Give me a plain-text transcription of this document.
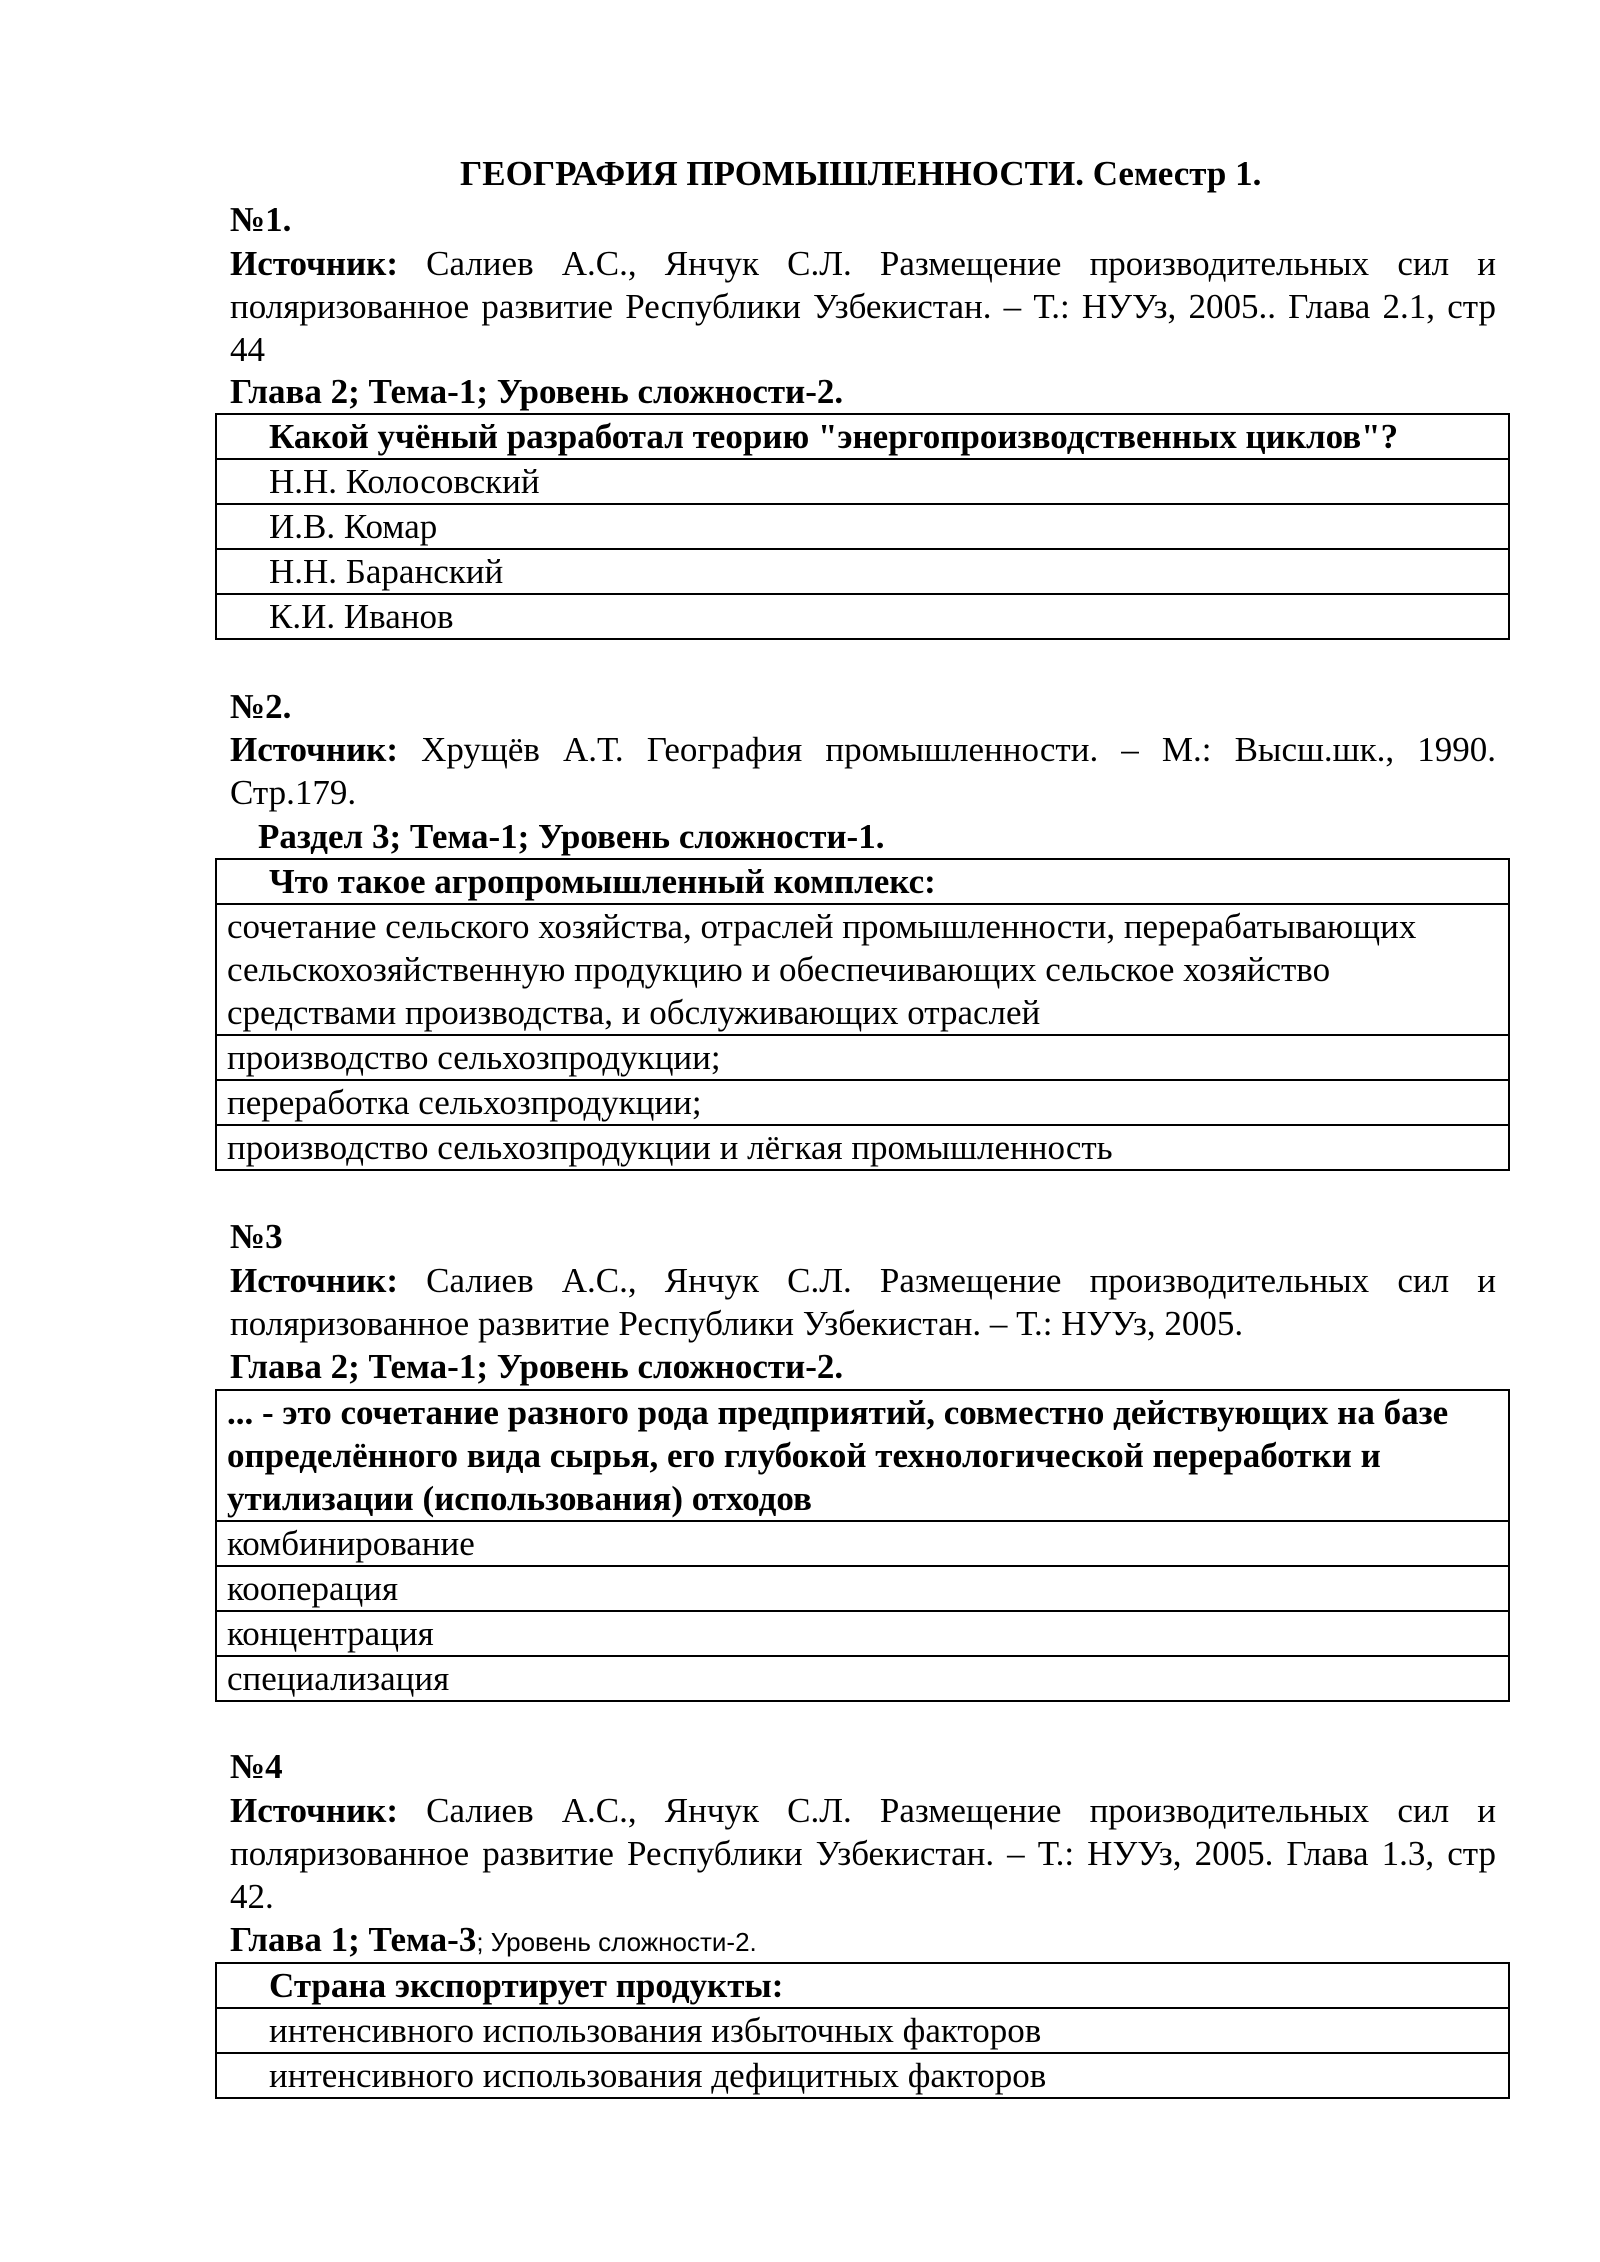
ГЕОГРАФИЯ ПРОМЫШЛЕННОСТИ. Семестр 1.
№1.
Источник: Салиев А.С., Янчук С.Л. Размещение производительных сил и поляризованное развитие Республики Узбекистан. – Т.: НУУз, 2005.. Глава 2.1, стр 44
Глава 2; Тема-1; Уровень сложности-2.
Какой учёный разработал теорию "энергопроизводственных циклов"?
Н.Н. Колосовский
И.В. Комар
Н.Н. Баранский
К.И. Иванов
№2.
Источник: Хрущёв А.Т. География промышленности. – М.: Высш.шк., 1990. Стр.179.
Раздел 3; Тема-1; Уровень сложности-1.
Что такое агропромышленный комплекс:
сочетание сельского хозяйства, отраслей промышленности, перерабатывающих сельскохозяйственную продукцию и обеспечивающих сельское хозяйство средствами производства, и обслуживающих отраслей
производство сельхозпродукции;
переработка сельхозпродукции;
производство сельхозпродукции и лёгкая промышленность
№3
Источник: Салиев А.С., Янчук С.Л. Размещение производительных сил и поляризованное развитие Республики Узбекистан. – Т.: НУУз, 2005.
Глава 2; Тема-1; Уровень сложности-2.
... - это сочетание разного рода предприятий, совместно действующих на базе определённого вида сырья, его глубокой технологической переработки и утилизации (использования) отходов
комбинирование
кооперация
концентрация
специализация
№4
Источник: Салиев А.С., Янчук С.Л. Размещение производительных сил и поляризованное развитие Республики Узбекистан. – Т.: НУУз, 2005. Глава 1.3, стр 42.
Глава 1; Тема-3; Уровень сложности-2.
Страна экспортирует продукты:
интенсивного использования избыточных факторов
интенсивного использования дефицитных факторов
